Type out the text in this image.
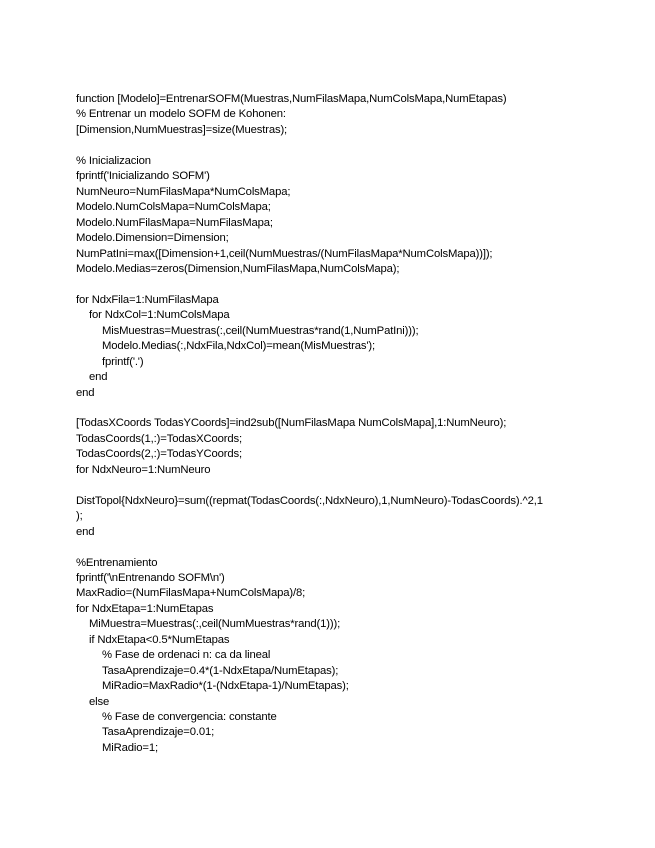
function [Modelo]=EntrenarSOFM(Muestras,NumFilasMapa,NumColsMapa,NumEtapas)
% Entrenar un modelo SOFM de Kohonen:
[Dimension,NumMuestras]=size(Muestras);
% Inicializacion
fprintf('Inicializando SOFM')
NumNeuro=NumFilasMapa*NumColsMapa;
Modelo.NumColsMapa=NumColsMapa;
Modelo.NumFilasMapa=NumFilasMapa;
Modelo.Dimension=Dimension;
NumPatIni=max([Dimension+1,ceil(NumMuestras/(NumFilasMapa*NumColsMapa))]);
Modelo.Medias=zeros(Dimension,NumFilasMapa,NumColsMapa);
for NdxFila=1:NumFilasMapa
for NdxCol=1:NumColsMapa
MisMuestras=Muestras(:,ceil(NumMuestras*rand(1,NumPatIni)));
Modelo.Medias(:,NdxFila,NdxCol)=mean(MisMuestras');
fprintf('.')
end
end
[TodasXCoords TodasYCoords]=ind2sub([NumFilasMapa NumColsMapa],1:NumNeuro);
TodasCoords(1,:)=TodasXCoords;
TodasCoords(2,:)=TodasYCoords;
for NdxNeuro=1:NumNeuro
DistTopol{NdxNeuro}=sum((repmat(TodasCoords(:,NdxNeuro),1,NumNeuro)-TodasCoords).^2,1
);
end
%Entrenamiento
fprintf('\nEntrenando SOFM\n')
MaxRadio=(NumFilasMapa+NumColsMapa)/8;
for NdxEtapa=1:NumEtapas
MiMuestra=Muestras(:,ceil(NumMuestras*rand(1)));
if NdxEtapa<0.5*NumEtapas
% Fase de ordenaci n: ca da lineal
TasaAprendizaje=0.4*(1-NdxEtapa/NumEtapas);
MiRadio=MaxRadio*(1-(NdxEtapa-1)/NumEtapas);
else
% Fase de convergencia: constante
TasaAprendizaje=0.01;
MiRadio=1;
